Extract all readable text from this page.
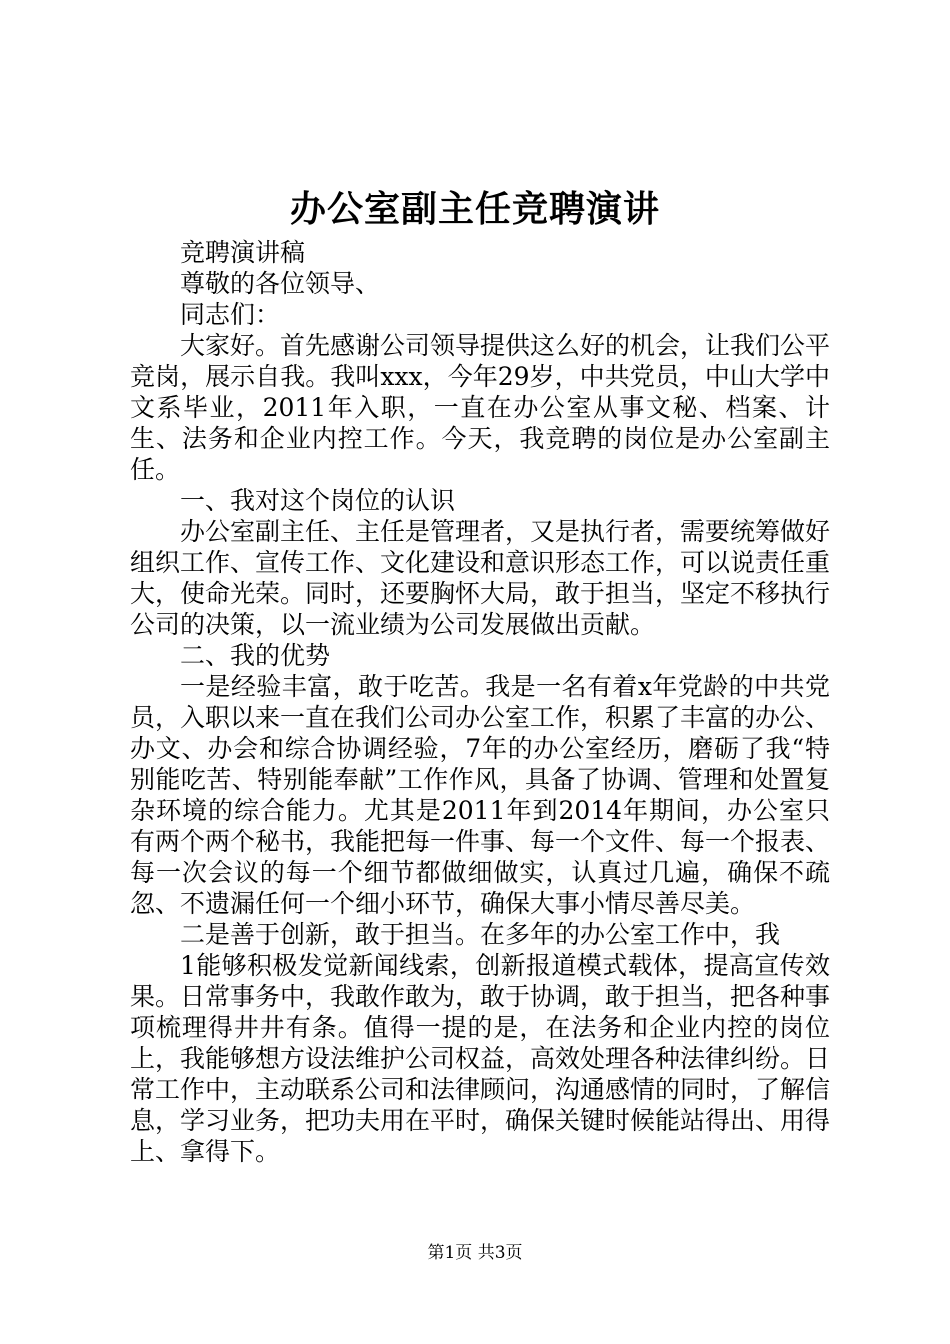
办公室副主任竞聘演讲

竞聘演讲稿

尊敬的各位领导、

同志们：

大家好。首先感谢公司领导提供这么好的机会，让我们公平竞岗，展示自我。我叫xxx，今年29岁，中共党员，中山大学中文系毕业，2011年入职，一直在办公室从事文秘、档案、计生、法务和企业内控工作。今天，我竞聘的岗位是办公室副主任。

一、我对这个岗位的认识

办公室副主任、主任是管理者，又是执行者，需要统筹做好组织工作、宣传工作、文化建设和意识形态工作，可以说责任重大，使命光荣。同时，还要胸怀大局，敢于担当，坚定不移执行公司的决策，以一流业绩为公司发展做出贡献。

二、我的优势

一是经验丰富，敢于吃苦。我是一名有着x年党龄的中共党员，入职以来一直在我们公司办公室工作，积累了丰富的办公、办文、办会和综合协调经验，7年的办公室经历，磨砺了我“特别能吃苦、特别能奉献”工作作风，具备了协调、管理和处置复杂环境的综合能力。尤其是2011年到2014年期间，办公室只有两个两个秘书，我能把每一件事、每一个文件、每一个报表、每一次会议的每一个细节都做细做实，认真过几遍，确保不疏忽、不遗漏任何一个细小环节，确保大事小情尽善尽美。

二是善于创新，敢于担当。在多年的办公室工作中，我

1能够积极发觉新闻线索，创新报道模式载体，提高宣传效果。日常事务中，我敢作敢为，敢于协调，敢于担当，把各种事项梳理得井井有条。值得一提的是，在法务和企业内控的岗位上，我能够想方设法维护公司权益，高效处理各种法律纠纷。日常工作中，主动联系公司和法律顾问，沟通感情的同时，了解信息，学习业务，把功夫用在平时，确保关键时候能站得出、用得上、拿得下。

第1页 共3页
